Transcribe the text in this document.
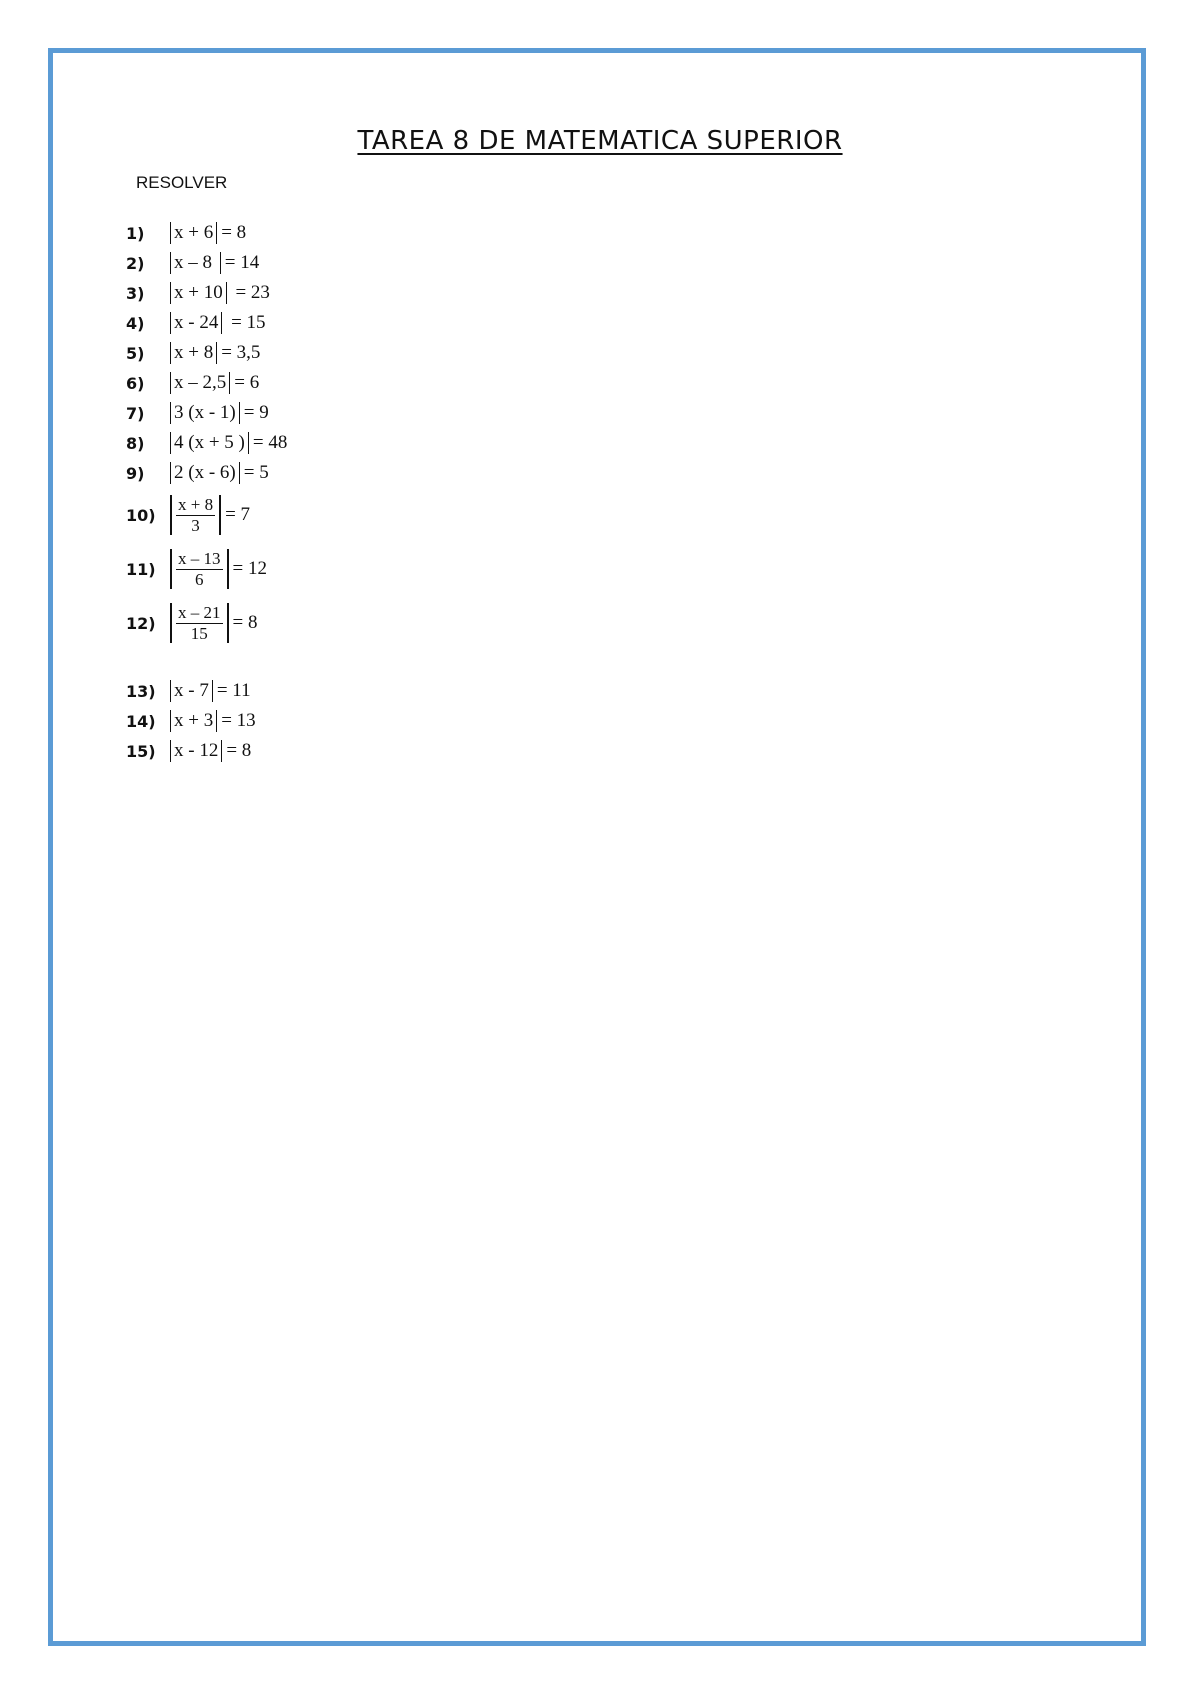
TAREA 8 DE MATEMATICA SUPERIOR
RESOLVER
1)	x + 6 = 8
2)	x – 8 = 14
3)	x + 10 = 23
4)	x - 24 = 15
5)	x + 8 = 3,5
6)	x – 2,5 = 6
7)	3 (x - 1) = 9
8)	4 (x + 5 ) = 48
9)	2 (x - 6) = 5
$10) \frac{x + 8}{3} = 7$
$11) \frac{x - 13}{6} = 12$
$12) \frac{x - 21}{15} = 8$
13) x - 7 = 11
14) x + 3 = 13
15) x - 12 = 8
